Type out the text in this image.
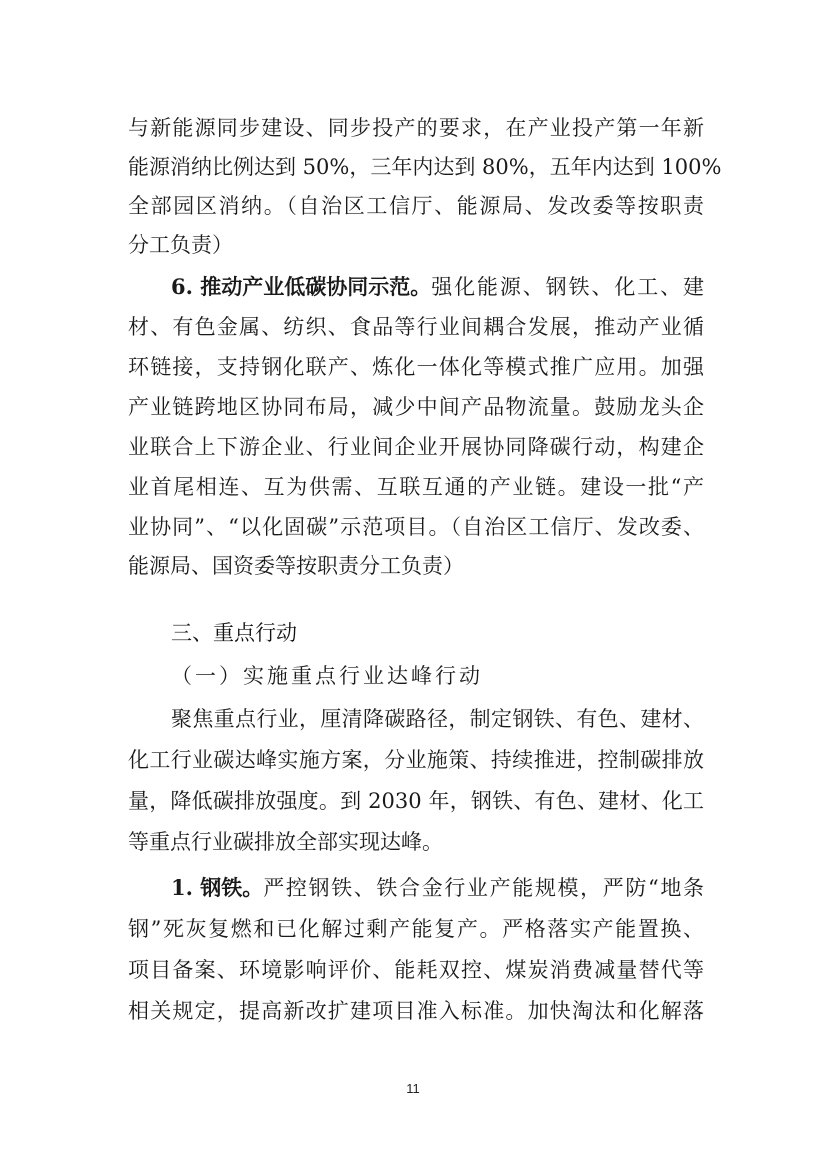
与新能源同步建设、同步投产的要求，在产业投产第一年新
能源消纳比例达到 50%，三年内达到 80%，五年内达到 100%
全部园区消纳。（自治区工信厅、能源局、发改委等按职责
分工负责）
6. 推动产业低碳协同示范。 强化能源、钢铁、化工、建
材、有色金属、纺织、食品等行业间耦合发展，推动产业循
环链接，支持钢化联产、炼化一体化等模式推广应用。加强
产业链跨地区协同布局，减少中间产品物流量。鼓励龙头企
业联合上下游企业、行业间企业开展协同降碳行动，构建企
业首尾相连、互为供需、互联互通的产业链。建设一批“产
业协同”、“以化固碳”示范项目。（自治区工信厅、发改委、
能源局、国资委等按职责分工负责）
三、重点行动
（一）实施重点行业达峰行动
聚焦重点行业，厘清降碳路径，制定钢铁、有色、建材、
化工行业碳达峰实施方案，分业施策、持续推进，控制碳排放
量，降低碳排放强度。到 2030 年，钢铁、有色、建材、化工
等重点行业碳排放全部实现达峰。
1. 钢铁。 严控钢铁、铁合金行业产能规模，严防“地条
钢”死灰复燃和已化解过剩产能复产。严格落实产能置换、
项目备案、环境影响评价、能耗双控、煤炭消费减量替代等
相关规定，提高新改扩建项目准入标准。加快淘汰和化解落
11
